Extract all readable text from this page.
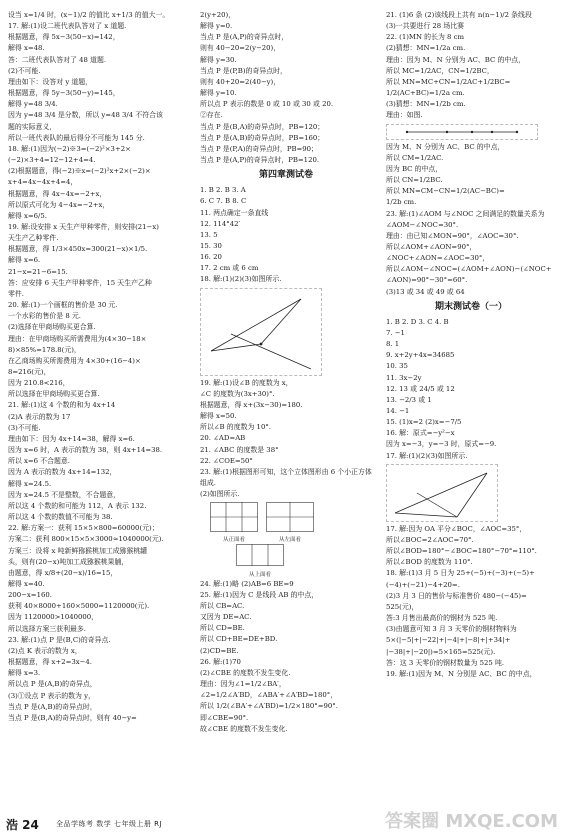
设当 x=1/4 时，(x−1)/2 的值比 x+1/3 的值大一。
17. 解:(1)设二班代表队答对了 x 道题.
根据题意，得 5x−3(50−x)=142，
解得 x=48.
答：二班代表队答对了 48 道题.
(2)不可能.
理由如下：设答对 y 道题，
根据题意，得 5y−3(50−y)=145，
解得 y=48 3/4.
因为 y=48 3/4 是分数，所以 y=48 3/4 不符合该
题的实际意义，
所以一班代表队的最后得分不可能为 145 分.
18. 解:(1)因为(−2)※3=(−2)²×3+2×
(−2)×3+4=12−12+4=4.
(2)根据题意，得(−2)※x=(−2)²x+2×(−2)×
x+4=4x−4x+4=4，
根据题意，得 4x−4x=−2+x，
所以原式可化为 4−4x=−2+x，
解得 x=6/5.
19. 解:设安排 x 天生产甲种零件，则安排(21−x)
天生产乙种零件.
根据题意，得 1/3×450x=300(21−x)×1/5.
解得 x=6.
21−x=21−6=15.
答：应安排 6 天生产甲种零件，15 天生产乙种
零件.
20. 解:(1)一个画框的售价是 30 元.
一个水彩的售价是 8 元.
(2)选择在甲商场购买更合算.
理由：在甲商场购买所需费用为(4×30−18×
8)×85%=178.8(元)，
在乙商场购买所需费用为 4×30+(16−4)×
8=216(元)，
因为 210.8<216，
所以选择在甲商场购买更合算.
21. 解:(1)这 4 个数的和为 4x+14
(2)A 表示的数为 17
(3)不可能.
理由如下：因为 4x+14=38，解得 x=6.
因为 x=6 时，A 表示的数为 38，则 4x+14=38.
所以 x=6 不合题意.
因为 A 表示的数为 4x+14=132，
解得 x=24.5.
因为 x=24.5 不是整数，不合题意，
所以这 4 个数的和可能为 112，A 表示 132.
所以这 4 个数的数值不可能为 38.
22. 解:方案一：获利 15×5×800=60000(元)；
方案二：获利 800×15×5×3000≈1040000(元).
方案三：设将 x 吨新鲜猕猴桃加工成猕猴桃罐
头，则有(20−x)吨加工成猕猴桃果脯，
由题意，得 x/8+(20−x)/16=15，
解得 x=40.
200−x=160.
获利 40×8000+160×5000=1120000(元).
因为 1120000>1040000，
所以选择方案三获利最多.
23. 解:(1)点 P 是(B,C)的奇异点.
(2)点 K 表示的数为 x，
根据题意，得 x+2=3x−4.
解得 x=3.
所以点 P 是(A,B)的奇异点，
(3)①设点 P 表示的数为 y，
当点 P 是(A,B)的奇异点时，
当点 P 是(B,A)的奇异点时，则有 40−y=
2(y+20)，
解得 y=0.
当点 P 是(A,P)的奇异点时，
则有 40−20=2(y−20)，
解得 y=30.
当点 P 是(P,B)的奇异点时，
则有 40+20=2(40−y)，
解得 y=10.
所以点 P 表示的数是 0 或 10 或 30 或 20.
②存在.
当点 P 是(B,A)的奇异点时，PB=120；
当点 P 是(A,B)的奇异点时，PB=160；
当点 P 是(P,A)的奇异点时，PB=90；
当点 P 是(A,P)的奇异点时，PB=120.
第四章测试卷
1. B 2. B 3. A
6. C 7. B 8. C
11. 两点确定一条直线
12. 114°42′
13. 5
15. 30
16. 20
17. 2 cm 或 6 cm
18. 解:(1)(2)(3)如图所示.
19. 解:(1)设∠B 的度数为 x，
∠C 的度数为(3x+30)°.
根据题意，得 x+(3x−30)=180.
解得 x=50.
所以∠B 的度数为 10°.
20. ∠AD=AB
21. ∠ABC 的度数是 38°
22. ∠COE=50°
23. 解:(1)根据图形可知，这个立体图形由 6 个小正方体
组成.
(2)如图所示.
从正面看	从左面看
从上面看
24. 解:(1)略 (2)AB=6 BE=9
25. 解:(1)因为 C 是线段 AB 的中点，
所以 CB=AC.
又因为 DE=AC.
所以 CD=BE.
所以 CD+BE=DE+BD.
(2)CD=BE.
26. 解:(1)70
(2)∠CBE 的度数不发生变化.
理由：因为∠1=1/2∠BA′，
∠2=1/2∠A′BD，∠ABA′+∠A′BD=180°，
所以 1/2(∠BA′+∠A′BD)=1/2×180°=90°.
即∠CBE=90°.
故∠CBE 的度数不发生变化.
21. (1)6 条 (2)该线段上共有 n(n−1)/2 条线段
(3)一共要进行 28 场比赛
22. (1)MN 的长为 8 cm
(2)猜想：MN=1/2a cm.
理由：因为 M、N 分别为 AC、BC 的中点，
所以 MC=1/2AC，CN=1/2BC，
所以 MN=MC+CN=1/2AC+1/2BC=
1/2(AC+BC)=1/2a cm.
(3)猜想：MN=1/2b cm.
理由：如图.
因为 M、N 分别为 AC、BC 的中点，
所以 CM=1/2AC.
因为 BC 的中点，
所以 CN=1/2BC.
所以 MN=CM−CN=1/2(AC−BC)=
1/2b cm.
23. 解:(1)∠AOM 与∠NOC 之间满足的数量关系为
∠AOM−∠NOC=30°.
理由：由已知∠MON=90°，∠AOC=30°.
所以∠AOM+∠AON=90°，
∠NOC+∠AON=∠AOC=30°，
所以∠AOM−∠NOC=(∠AOM+∠AON)−(∠NOC+
∠AON)=90°−30°=60°.
(3)13 或 34 或 49 或 64
期末测试卷（一）
1. B 2. D 3. C 4. B
7. −1
8. 1
9. x+2y+4x=34685
10. 35
11. 3x−2y
12. 13 或 24/5 或 12
13. −2/3 或 1
14. −1
15. (1)x=2 (2)x=−7/5
16. 解：原式=−y²−x
因为 x=−3，y=−3 时，原式=−9.
17. 解:(1)(2)(3)如图所示.
17. 解:因为 OA 平分∠BOC，∠AOC=35°，
所以∠BOC=2∠AOC=70°.
所以∠BOD=180°−∠BOC=180°−70°=110°.
所以∠BOD 的度数为 110°.
18. 解:(1)3 月 5 日为 25+(−5)+(−3)+(−5)+
(−4)+(−21)−4+20=.
(2)3 月 3 日的售价与标准售价 480−(−45)=
525(元)，
答:3 月售出最高价的钢材为 525 吨.
(3)由题意可知 3 月 3 天零价的钢材物料为
5×(|−5|+|−22|+|−4|+|−8|+|+34|+
|−38|+|−20|)=5×165=525(元).
答：这 3 天零价的钢材数量为 525 吨.
19. 解:(1)因为 M、N 分别是 AC、BC 的中点，
浩 24 全品学练考 数学 七年级上册 RJ	答案圈 MXQE.COM
